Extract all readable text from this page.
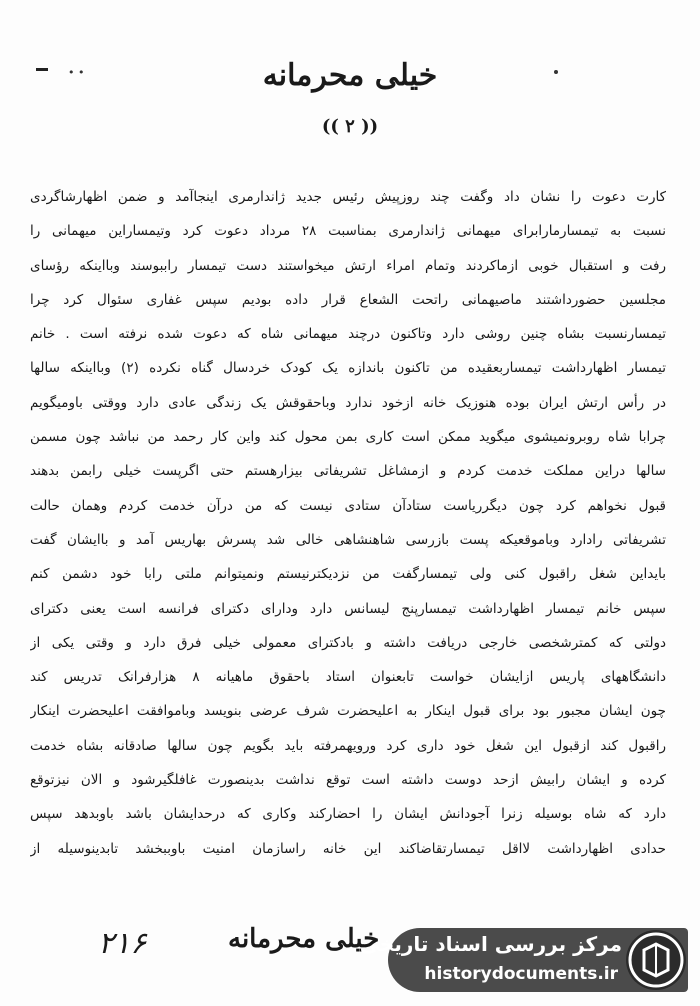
• •	خیلی محرمانه
(( ۲ ))
کارت دعوت را نشان داد وگفت چند روزپیش رئیس جدید ژاندارمری اینجاآمد و ضمن اظهارشاگردی
نسبت به تیمسارمارابرای میهمانی ژاندارمری بمناسبت ۲۸ مرداد دعوت کرد وتیمساراین میهمانی را
رفت و استقبال خوبی ازماکردند وتمام امراء ارتش میخواستند دست تیمسار راببوسند وبااینکه رؤسای
مجلسین حضورداشتند ماصیهمانی راتحت الشعاع قرار داده بودیم سپس غفاری سئوال کرد چرا
تیمسارنسبت بشاه چنین روشی دارد وتاکنون درچند میهمانی شاه که دعوت شده نرفته است . خانم
تیمسار اظهارداشت تیمساربعقیده من تاکنون باندازه یک کودک خردسال گناه نکرده (۲) وبااینکه سالها
در رأس ارتش ایران بوده هنوزیک خانه ازخود ندارد وباحقوقش یک زندگی عادی دارد ووقتی باومیگویم
چرابا شاه روبرونمیشوی میگوید ممکن است کاری بمن محول کند واین کار رحمد من نباشد چون مسمن
سالها دراین مملکت خدمت کردم و ازمشاغل تشریفاتی بیزارهستم حتی اگرپست خیلی رابمن بدهند
قبول نخواهم کرد چون دیگرریاست ستادآن ستادی نیست که من درآن خدمت کردم وهمان حالت
تشریفاتی رادارد وباموقعیکه پست بازرسی شاهنشاهی خالی شد پسرش بهاریس آمد و باایشان گفت
بایداین شغل راقبول کنی ولی تیمسارگفت من نزدیکترنیستم ونمیتوانم ملتی رابا خود دشمن کنم
سپس خانم تیمسار اظهارداشت تیمسارپنج لیسانس دارد ودارای دکترای فرانسه است یعنی دکترای
دولتی که کمترشخصی خارجی دریافت داشته و بادکترای معمولی خیلی فرق دارد و وقتی یکی از
دانشگاههای پاریس ازایشان خواست تابعنوان استاد باحقوق ماهیانه ۸ هزارفرانک تدریس کند
چون ایشان مجبور بود برای قبول اینکار به اعلیحضرت شرف عرضی بنویسد وباموافقت اعلیحضرت اینکار
راقبول کند ازقبول این شغل خود داری کرد ورویهمرفته باید بگویم چون سالها صادقانه بشاه خدمت
کرده و ایشان رابیش ازحد دوست داشته است توقع نداشت بدینصورت غافلگیرشود و الان نیزتوقع
دارد که شاه بوسیله زنرا آجودانش ایشان را احضارکند وکاری که درحدایشان باشد باوبدهد سپس
حدادی اظهارداشت لااقل تیمسارتقاضاکند این خانه راسازمان امنیت باوببخشد تابدینوسیله از
۲۱۶	خیلی محرمانه
مرکز بررسی اسناد تاریخی
historydocuments.ir
